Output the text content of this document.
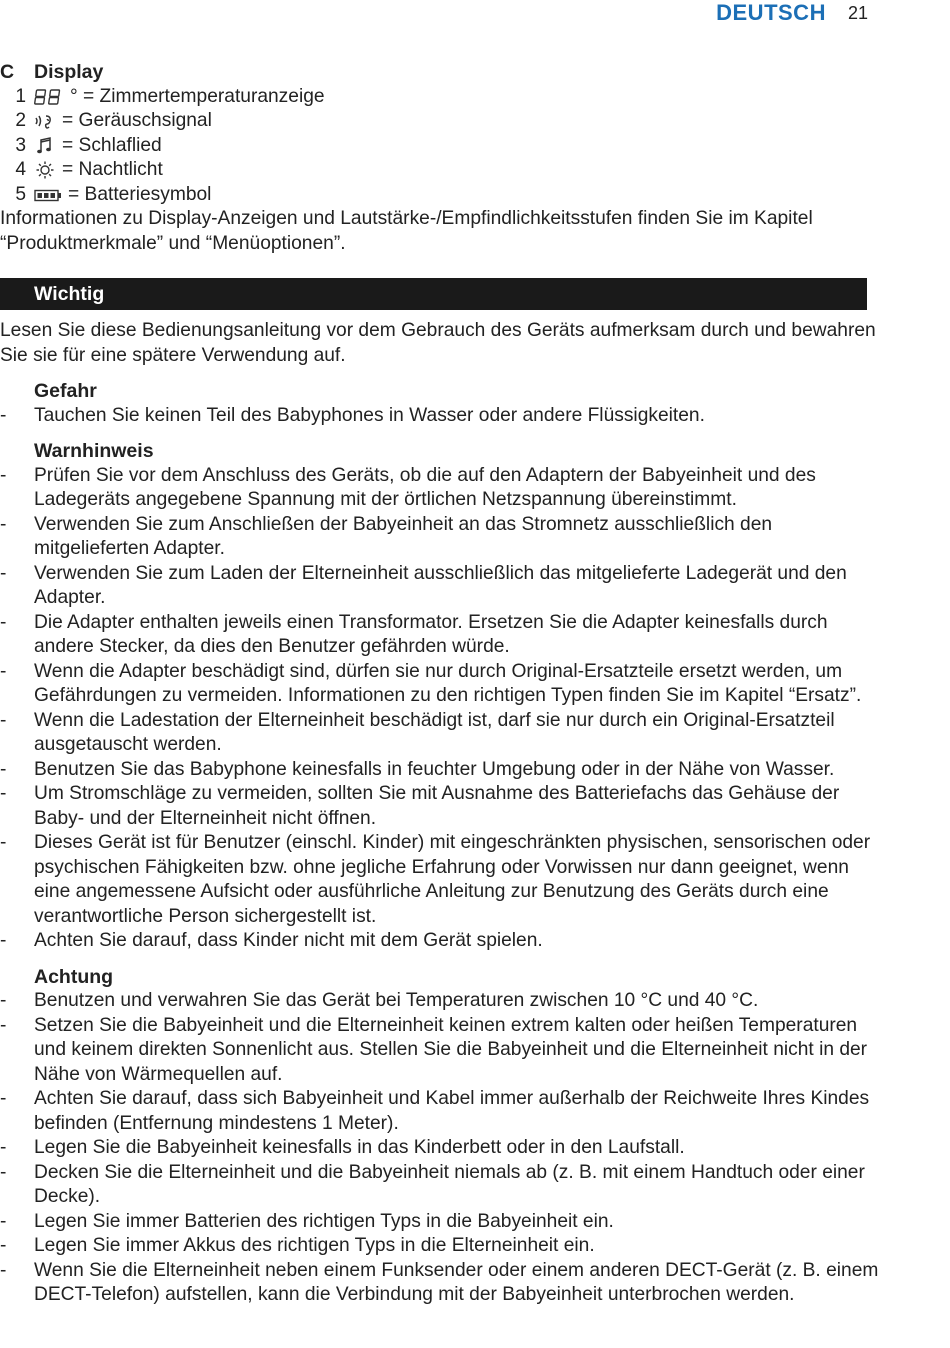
DEUTSCH 21
C	Display
1	° = Zimmertemperaturanzeige
2	= Geräuschsignal
3	= Schlaflied
4	= Nachtlicht
5	= Batteriesymbol

Informationen zu Display-Anzeigen und Lautstärke-/Empfindlichkeitsstufen finden Sie im Kapitel “Produktmerkmale” und “Menüoptionen”.

Wichtig

Lesen Sie diese Bedienungsanleitung vor dem Gebrauch des Geräts aufmerksam durch und bewahren Sie sie für eine spätere Verwendung auf.

Gefahr
-	Tauchen Sie keinen Teil des Babyphones in Wasser oder andere Flüssigkeiten.
Warnhinweis
-	Prüfen Sie vor dem Anschluss des Geräts, ob die auf den Adaptern der Babyeinheit und des Ladegeräts angegebene Spannung mit der örtlichen Netzspannung übereinstimmt.
-	Verwenden Sie zum Anschließen der Babyeinheit an das Stromnetz ausschließlich den mitgelieferten Adapter.
-	Verwenden Sie zum Laden der Elterneinheit ausschließlich das mitgelieferte Ladegerät und den Adapter.
-	Die Adapter enthalten jeweils einen Transformator. Ersetzen Sie die Adapter keinesfalls durch andere Stecker, da dies den Benutzer gefährden würde.
-	Wenn die Adapter beschädigt sind, dürfen sie nur durch Original-Ersatzteile ersetzt werden, um Gefährdungen zu vermeiden. Informationen zu den richtigen Typen finden Sie im Kapitel “Ersatz”.
-	Wenn die Ladestation der Elterneinheit beschädigt ist, darf sie nur durch ein Original-Ersatzteil ausgetauscht werden.
-	Benutzen Sie das Babyphone keinesfalls in feuchter Umgebung oder in der Nähe von Wasser.
-	Um Stromschläge zu vermeiden, sollten Sie mit Ausnahme des Batteriefachs das Gehäuse der Baby- und der Elterneinheit nicht öffnen.
-	Dieses Gerät ist für Benutzer (einschl. Kinder) mit eingeschränkten physischen, sensorischen oder psychischen Fähigkeiten bzw. ohne jegliche Erfahrung oder Vorwissen nur dann geeignet, wenn eine angemessene Aufsicht oder ausführliche Anleitung zur Benutzung des Geräts durch eine verantwortliche Person sichergestellt ist.
-	Achten Sie darauf, dass Kinder nicht mit dem Gerät spielen.
Achtung
-	Benutzen und verwahren Sie das Gerät bei Temperaturen zwischen 10 °C und 40 °C.
-	Setzen Sie die Babyeinheit und die Elterneinheit keinen extrem kalten oder heißen Temperaturen und keinem direkten Sonnenlicht aus. Stellen Sie die Babyeinheit und die Elterneinheit nicht in der Nähe von Wärmequellen auf.
-	Achten Sie darauf, dass sich Babyeinheit und Kabel immer außerhalb der Reichweite Ihres Kindes befinden (Entfernung mindestens 1 Meter).
-	Legen Sie die Babyeinheit keinesfalls in das Kinderbett oder in den Laufstall.
-	Decken Sie die Elterneinheit und die Babyeinheit niemals ab (z. B. mit einem Handtuch oder einer Decke).
-	Legen Sie immer Batterien des richtigen Typs in die Babyeinheit ein.
-	Legen Sie immer Akkus des richtigen Typs in die Elterneinheit ein.
-	Wenn Sie die Elterneinheit neben einem Funksender oder einem anderen DECT-Gerät (z. B. einem DECT-Telefon) aufstellen, kann die Verbindung mit der Babyeinheit unterbrochen werden.
